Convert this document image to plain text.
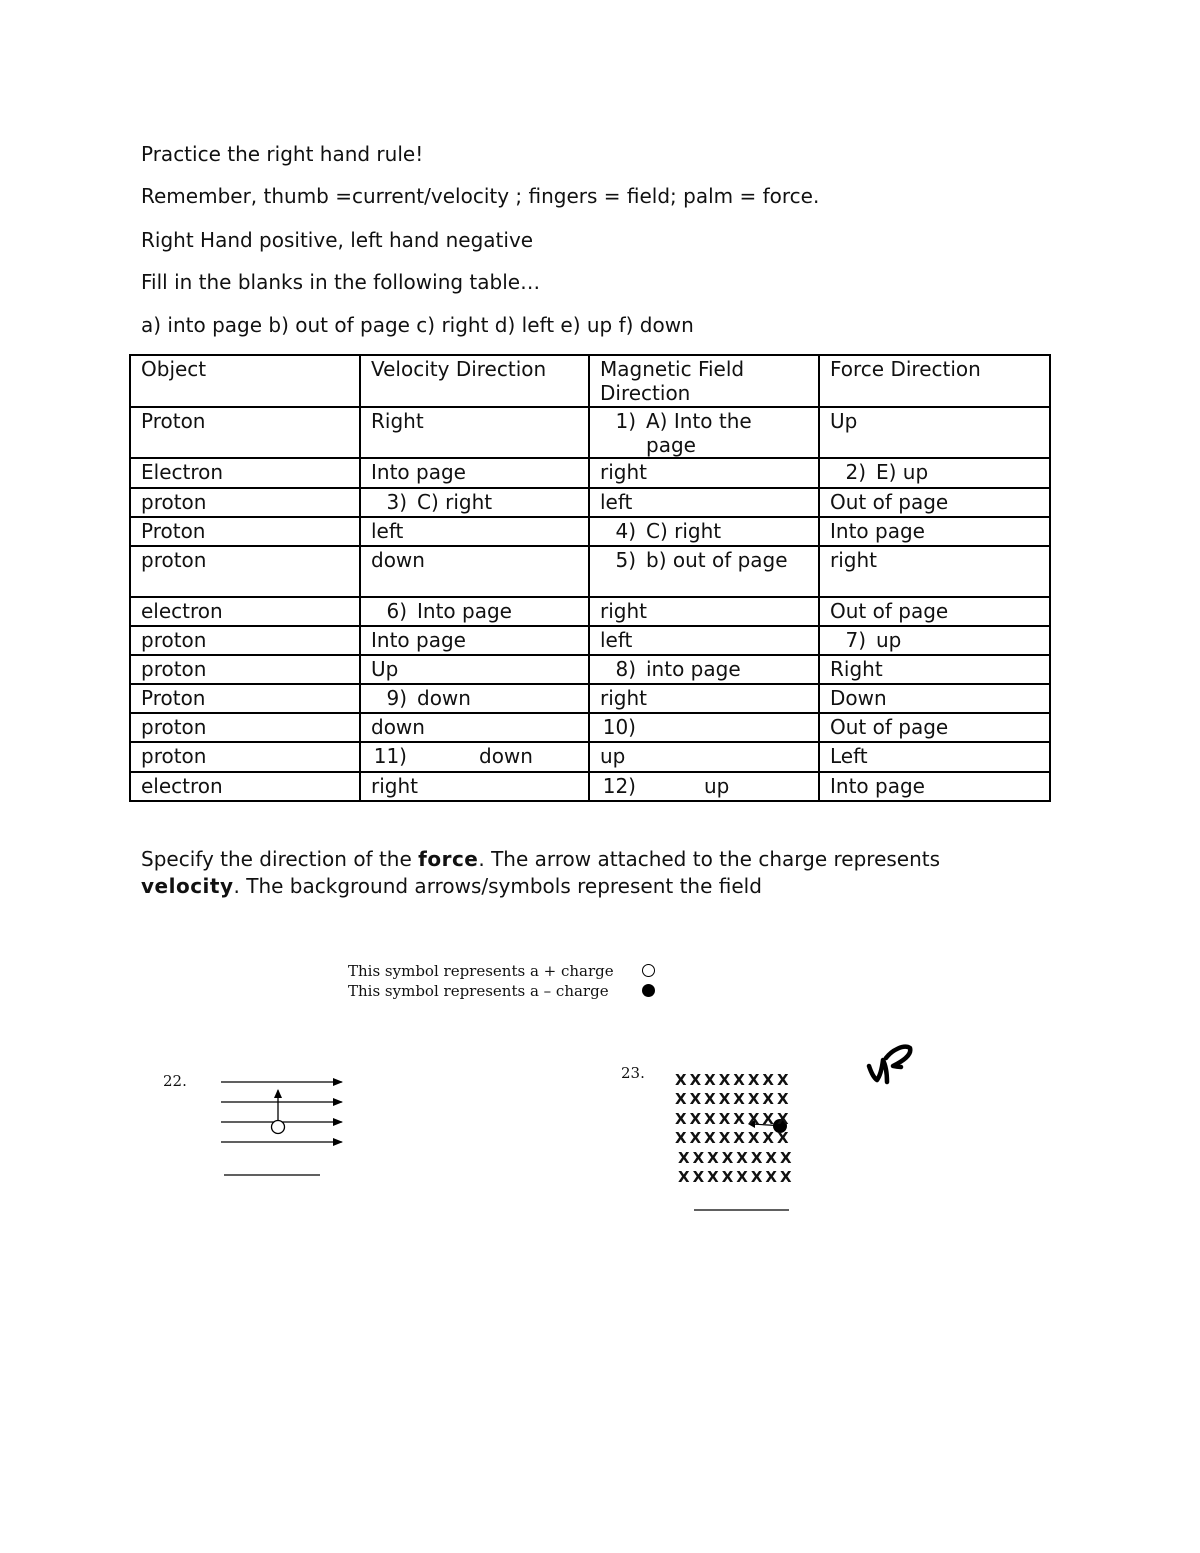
Practice the right hand rule!
Remember, thumb =current/velocity ; fingers = field; palm = force.
Right Hand positive, left hand negative
Fill in the blanks in the following table…
a) into page b) out of page c) right d) left e) up f) down
Object	Velocity Direction	Magnetic Field Direction	Force Direction
Proton	Right	1) A) Into the page	Up
Electron	Into page	right	2) E) up
proton	3) C) right	left	Out of page
Proton	left	4) C) right	Into page
proton	down	5) b) out of page	right
electron	6) Into page	right	Out of page
proton	Into page	left	7) up
proton	Up	8) into page	Right
Proton	9) down	right	Down
proton	down	10)	Out of page
proton	11) down	up	Left
electron	right	12) up	Into page
Specify the direction of the force. The arrow attached to the charge represents velocity. The background arrows/symbols represent the field
This symbol represents a + charge
This symbol represents a – charge
22.	23. XXXXXXXX
XXXXXXXX
XXXXXXXX
XXXXXXXX
XXXXXXXX
XXXXXXXX
